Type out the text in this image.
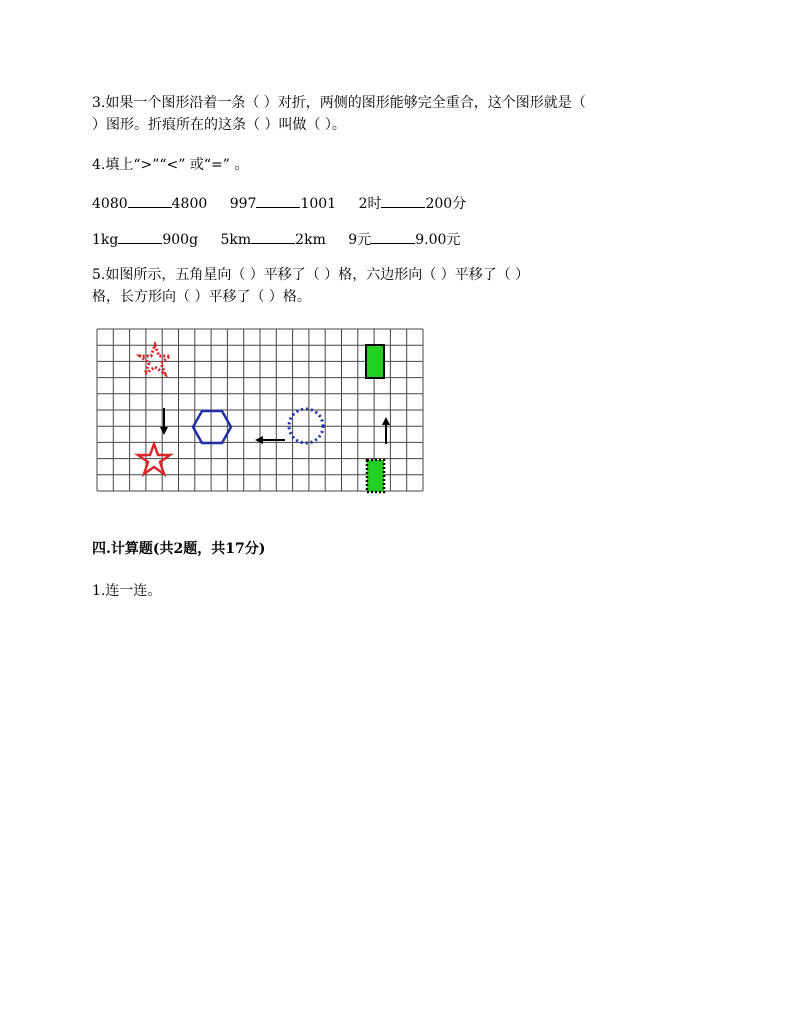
3.如果一个图形沿着一条（ ）对折，两侧的图形能够完全重合，这个图形就是（
）图形。折痕所在的这条（ ）叫做（ ）。
4.填上“>”“<” 或“=” 。
4080	4800 997	1001 2时	200分
1kg	900g 5km	2km 9元	9.00元
5.如图所示，五角星向（ ）平移了（ ）格，六边形向（ ）平移了（ ）
格，长方形向（ ）平移了（ ）格。
四.计算题(共2题，共17分)
1.连一连。
